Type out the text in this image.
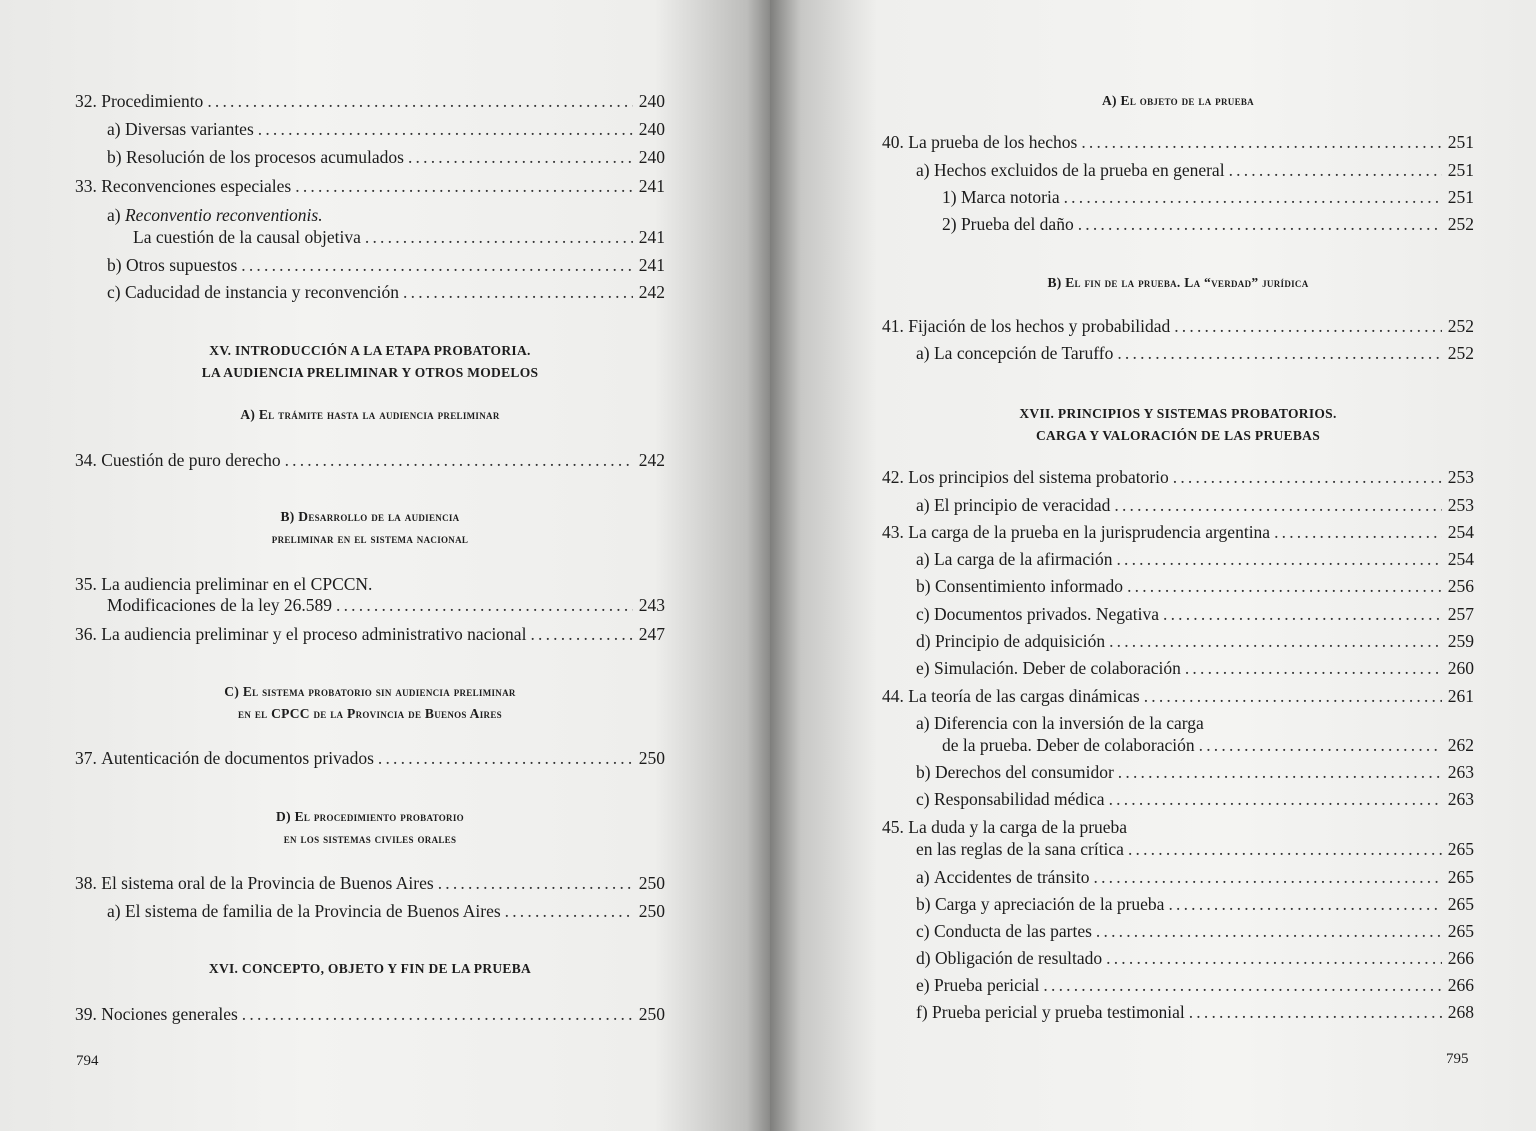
32.
Procedimiento .....	240
a)
Diversas variantes .....	240
b)
Resolución de los procesos acumulados .....	240
33.
Reconvenciones especiales .....	241
a)
Reconventio reconventionis.
La cuestión de la causal objetiva .....	241
b)
Otros supuestos .....	241
c)
Caducidad de instancia y reconvención .....	242
XV. INTRODUCCIÓN A LA ETAPA PROBATORIA.
LA AUDIENCIA PRELIMINAR Y OTROS MODELOS
A) El trámite hasta la audiencia preliminar
34.
Cuestión de puro derecho .....	242
B) Desarrollo de la audiencia
preliminar en el sistema nacional
35.
La audiencia preliminar en el CPCCN.
Modificaciones de la ley 26.589 .....	243
36.
La audiencia preliminar y el proceso administrativo nacional .....	247
C) El sistema probatorio sin audiencia preliminar
en el CPCC de la Provincia de Buenos Aires
37.
Autenticación de documentos privados .....	250
D) El procedimiento probatorio
en los sistemas civiles orales
38.
El sistema oral de la Provincia de Buenos Aires .....	250
a)
El sistema de familia de la Provincia de Buenos Aires .....	250
XVI. CONCEPTO, OBJETO Y FIN DE LA PRUEBA
39.
Nociones generales .....	250
794
A) El objeto de la prueba
40.
La prueba de los hechos .....	251
a)
Hechos excluidos de la prueba en general .....	251
1)
Marca notoria .....	251
2)
Prueba del daño .....	252
B) El fin de la prueba. La “verdad” jurídica
41.
Fijación de los hechos y probabilidad .....	252
a)
La concepción de Taruffo .....	252
XVII. PRINCIPIOS Y SISTEMAS PROBATORIOS.
CARGA Y VALORACIÓN DE LAS PRUEBAS
42.
Los principios del sistema probatorio .....	253
a)
El principio de veracidad .....	253
43.
La carga de la prueba en la jurisprudencia argentina .....	254
a)
La carga de la afirmación .....	254
b)
Consentimiento informado .....	256
c)
Documentos privados. Negativa .....	257
d)
Principio de adquisición .....	259
e)
Simulación. Deber de colaboración .....	260
44.
La teoría de las cargas dinámicas .....	261
a)
Diferencia con la inversión de la carga
de la prueba. Deber de colaboración .....	262
b)
Derechos del consumidor .....	263
c)
Responsabilidad médica .....	263
45.
La duda y la carga de la prueba
en las reglas de la sana crítica .....	265
a)
Accidentes de tránsito .....	265
b)
Carga y apreciación de la prueba .....	265
c)
Conducta de las partes .....	265
d)
Obligación de resultado .....	266
e)
Prueba pericial .....	266
f)
Prueba pericial y prueba testimonial .....	268
795
